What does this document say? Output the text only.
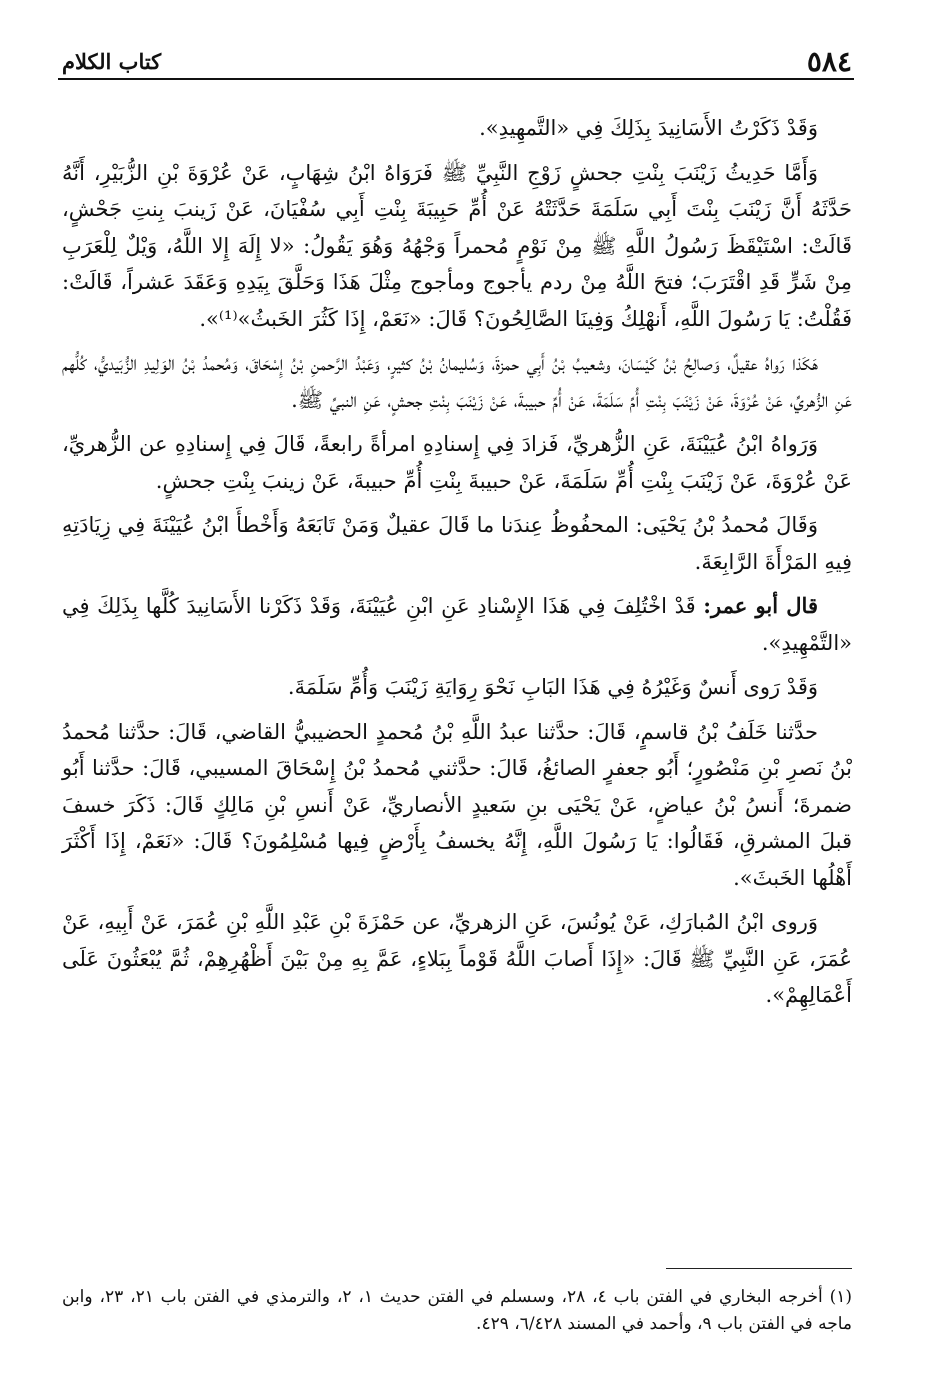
٥٨٤
كتاب الكلام

وَقَدْ ذَكَرْتُ الأَسَانِيدَ بِذَلِكَ فِي «التَّمهِيدِ».

وَأَمَّا حَدِيثُ زَيْنَبَ بِنْتِ جحشٍ زَوْجِ النَّبِيِّ ﷺ فَرَوَاهُ ابْنُ شِهَابٍ، عَنْ عُرْوَةَ بْنِ الزُّبَيْرِ، أَنَّهُ حَدَّثَهُ أَنَّ زَيْنَبَ بِنْتَ أَبِي سَلَمَةَ حَدَّثَتْهُ عَنْ أُمِّ حَبِيبَةَ بِنْتِ أَبِي سُفْيَانَ، عَنْ زَينبَ بِنتِ جَحْشٍ، قَالَتْ: اسْتَيْقَظَ رَسُولُ اللَّهِ ﷺ مِنْ نَوْمٍ مُحمراً وَجْهُهُ وَهُوَ يَقُولُ: «لا إِلَهَ إِلا اللَّهُ، وَيْلٌ لِلْعَرَبِ مِنْ شَرٍّ قَدِ اقْتَرَبَ؛ فتحَ اللَّهُ مِنْ ردم يأجوج ومأجوج مِثْلَ هَذَا وَحَلَّقَ بِيَدِهِ وَعَقَدَ عَشراً، قَالَتْ: فَقُلْتُ: يَا رَسُولَ اللَّهِ، أَنهْلِكُ وَفِينَا الصَّالِحُونَ؟ قَالَ: «نَعَمْ، إِذَا كَثُرَ الخَبثُ»⁽¹⁾».

هَكَذا رَواهُ عقيلٌ، وَصالِحُ بْنُ كَيْسَانَ، وشعيبُ بْنُ أَبِي حمزةَ، وَسُليمانُ بْنُ كثيرٍ، وَعَبْدُ الرَّحمنِ بْنُ إِسْحَاقَ، وَمُحمدُ بْنُ الوَلِيدِ الزُّبَيديُّ، كُلُّهم عَنِ الزُّهريِّ، عَنْ عُرْوَةَ، عَنْ زَيْنَبَ بِنْتِ أُمِّ سَلَمَةَ، عَنْ أُمِّ حبيبةَ، عَنْ زَيْنَبَ بِنْتِ جحشٍ، عَنِ النبيِّ ﷺ.

وَرَواهُ ابْنُ عُيَيْنَةَ، عَنِ الزُّهريِّ، فَزادَ فِي إِسنادِهِ امرأةً رابعةً، قَالَ فِي إِسنادِهِ عن الزُّهريِّ، عَنْ عُرْوَةَ، عَنْ زَيْنَبَ بِنْتِ أُمِّ سَلَمَةَ، عَنْ حبيبةَ بِنْتِ أُمِّ حبيبةَ، عَنْ زينبَ بِنْتِ جحشٍ.

وَقَالَ مُحمدُ بْنُ يَحْيَى: المحفُوظُ عِندَنا ما قَالَ عقيلٌ وَمَنْ تَابَعَهُ وَأَخْطأَ ابْنُ عُيَيْنَةَ فِي زِيَادَتِهِ فِيهِ المَرْأَةَ الرَّابِعَةَ.

قال أبو عمر: قَدْ اخْتُلِفَ فِي هَذَا الإِسْنادِ عَنِ ابْنِ عُيَيْنَةَ، وَقَدْ ذَكَرْنا الأَسَانِيدَ كُلَّها بِذَلِكَ فِي «التَّمْهِيدِ».

وَقَدْ رَوى أَنسٌ وَغَيْرُهُ فِي هَذَا البَابِ نَحْوَ رِوَايَةِ زَيْنَبَ وَأُمِّ سَلَمَةَ.

حدَّثنا خَلَفُ بْنُ قاسمٍ، قَالَ: حدَّثنا عبدُ اللَّهِ بْنُ مُحمدٍ الحضيبيُّ القاضي، قَالَ: حدَّثنا مُحمدُ بْنُ نَصرِ بْنِ مَنْصُورٍ؛ أَبُو جعفرٍ الصائغُ، قَالَ: حدَّثني مُحمدُ بْنُ إِسْحَاقَ المسيبي، قَالَ: حدَّثنا أَبُو ضمرةَ؛ أَنسُ بْنُ عياضٍ، عَنْ يَحْيَى بنِ سَعيدٍ الأنصاريِّ، عَنْ أَنسِ بْنِ مَالِكٍ قَالَ: ذَكَرَ خسفَ قبلَ المشرقِ، فَقَالُوا: يَا رَسُولَ اللَّهِ، إِنَّهُ يخسفُ بِأَرْضٍ فِيها مُسْلِمُونَ؟ قَالَ: «نَعَمْ، إِذَا أَكْثَرَ أَهْلُها الخَبثَ».

وَروى ابْنُ المُبارَكِ، عَنْ يُونُسَ، عَنِ الزهريِّ، عن حَمْزَةَ بْنِ عَبْدِ اللَّهِ بْنِ عُمَرَ، عَنْ أَبِيهِ، عَنْ عُمَرَ، عَنِ النَّبِيِّ ﷺ قَالَ: «إِذَا أَصابَ اللَّهُ قَوْماً بِبَلاءٍ، عَمَّ بِهِ مِنْ بَيْنَ أَظْهُرِهِمْ، ثُمَّ يُبْعَثُونَ عَلَى أَعْمَالِهِمْ».

(١) أخرجه البخاري في الفتن باب ٤، ٢٨، وسسلم في الفتن حديث ١، ٢، والترمذي في الفتن باب ٢١، ٢٣، وابن ماجه في الفتن باب ٩، وأحمد في المسند ٦/٤٢٨، ٤٢٩.
